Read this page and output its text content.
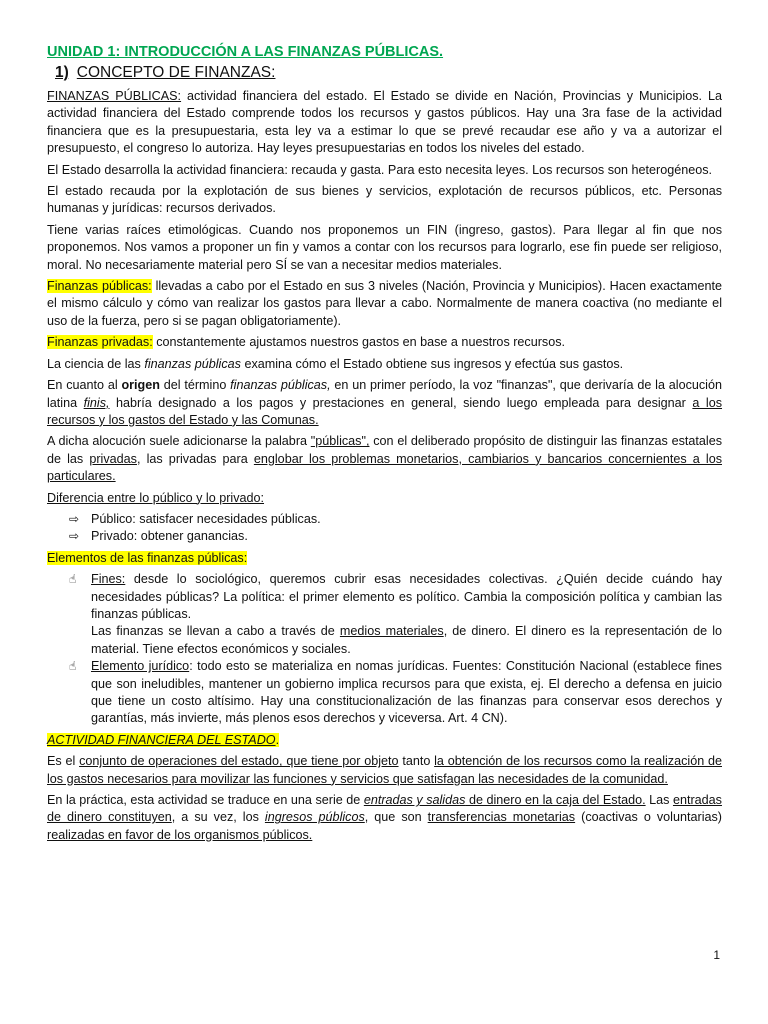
UNIDAD 1: INTRODUCCIÓN A LAS FINANZAS PÚBLICAS.
1) CONCEPTO DE FINANZAS:

FINANZAS PÚBLICAS: actividad financiera del estado. El Estado se divide en Nación, Provincias y Municipios. La actividad financiera del Estado comprende todos los recursos y gastos públicos. Hay una 3ra fase de la actividad financiera que es la presupuestaria, esta ley va a estimar lo que se prevé recaudar ese año y va a autorizar el presupuesto, el congreso lo autoriza. Hay leyes presupuestarias en todos los niveles del estado.

El Estado desarrolla la actividad financiera: recauda y gasta. Para esto necesita leyes. Los recursos son heterogéneos.

El estado recauda por la explotación de sus bienes y servicios, explotación de recursos públicos, etc. Personas humanas y jurídicas: recursos derivados.

Tiene varias raíces etimológicas. Cuando nos proponemos un FIN (ingreso, gastos). Para llegar al fin que nos proponemos. Nos vamos a proponer un fin y vamos a contar con los recursos para lograrlo, ese fin puede ser religioso, moral. No necesariamente material pero SÍ se van a necesitar medios materiales.

Finanzas públicas: llevadas a cabo por el Estado en sus 3 niveles (Nación, Provincia y Municipios). Hacen exactamente el mismo cálculo y cómo van realizar los gastos para llevar a cabo. Normalmente de manera coactiva (no mediante el uso de la fuerza, pero si se pagan obligatoriamente).

Finanzas privadas: constantemente ajustamos nuestros gastos en base a nuestros recursos.

La ciencia de las finanzas públicas examina cómo el Estado obtiene sus ingresos y efectúa sus gastos.

En cuanto al origen del término finanzas públicas, en un primer período, la voz "finanzas", que derivaría de la alocución latina finis, habría designado a los pagos y prestaciones en general, siendo luego empleada para designar a los recursos y los gastos del Estado y las Comunas.

A dicha alocución suele adicionarse la palabra "públicas", con el deliberado propósito de distinguir las finanzas estatales de las privadas, las privadas para englobar los problemas monetarios, cambiarios y bancarios concernientes a los particulares.

Diferencia entre lo público y lo privado:

⇨ Público: satisfacer necesidades públicas.
⇨ Privado: obtener ganancias.

Elementos de las finanzas públicas:

☝ Fines: desde lo sociológico, queremos cubrir esas necesidades colectivas. ¿Quién decide cuándo hay necesidades públicas? La política: el primer elemento es político. Cambia la composición política y cambian las finanzas públicas.
Las finanzas se llevan a cabo a través de medios materiales, de dinero. El dinero es la representación de lo material. Tiene efectos económicos y sociales.
☝ Elemento jurídico: todo esto se materializa en nomas jurídicas. Fuentes: Constitución Nacional (establece fines que son ineludibles, mantener un gobierno implica recursos para que exista, ej. El derecho a defensa en juicio que tiene un costo altísimo. Hay una constitucionalización de las finanzas para conservar esos derechos y garantías, más invierte, más plenos esos derechos y viceversa. Art. 4 CN).

ACTIVIDAD FINANCIERA DEL ESTADO.

Es el conjunto de operaciones del estado, que tiene por objeto tanto la obtención de los recursos como la realización de los gastos necesarios para movilizar las funciones y servicios que satisfagan las necesidades de la comunidad.

En la práctica, esta actividad se traduce en una serie de entradas y salidas de dinero en la caja del Estado. Las entradas de dinero constituyen, a su vez, los ingresos públicos, que son transferencias monetarias (coactivas o voluntarias) realizadas en favor de los organismos públicos.

1
